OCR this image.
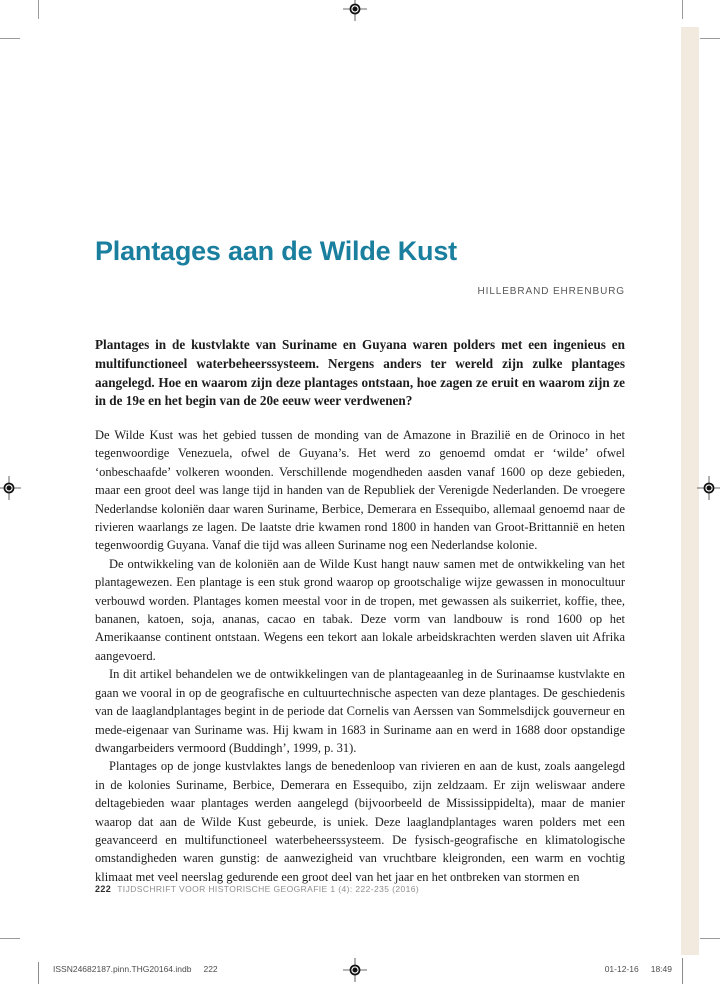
Plantages aan de Wilde Kust
HILLEBRAND EHRENBURG

Plantages in de kustvlakte van Suriname en Guyana waren polders met een ingenieus en multifunctioneel waterbeheerssysteem. Nergens anders ter wereld zijn zulke plantages aangelegd. Hoe en waarom zijn deze plantages ontstaan, hoe zagen ze eruit en waarom zijn ze in de 19e en het begin van de 20e eeuw weer verdwenen?

De Wilde Kust was het gebied tussen de monding van de Amazone in Brazilië en de Orinoco in het tegenwoordige Venezuela, ofwel de Guyana’s. Het werd zo genoemd omdat er ‘wilde’ ofwel ‘onbeschaafde’ volkeren woonden. Verschillende mogendheden aasden vanaf 1600 op deze gebieden, maar een groot deel was lange tijd in handen van de Republiek der Verenigde Nederlanden. De vroegere Nederlandse koloniën daar waren Suriname, Berbice, Demerara en Essequibo, allemaal genoemd naar de rivieren waarlangs ze lagen. De laatste drie kwamen rond 1800 in handen van Groot-Brittannië en heten tegenwoordig Guyana. Vanaf die tijd was alleen Suriname nog een Nederlandse kolonie.

De ontwikkeling van de koloniën aan de Wilde Kust hangt nauw samen met de ontwikkeling van het plantagewezen. Een plantage is een stuk grond waarop op grootschalige wijze gewassen in monocultuur verbouwd worden. Plantages komen meestal voor in de tropen, met gewassen als suikerriet, koffie, thee, bananen, katoen, soja, ananas, cacao en tabak. Deze vorm van landbouw is rond 1600 op het Amerikaanse continent ontstaan. Wegens een tekort aan lokale arbeidskrachten werden slaven uit Afrika aangevoerd.

In dit artikel behandelen we de ontwikkelingen van de plantageaanleg in de Surinaamse kustvlakte en gaan we vooral in op de geografische en cultuurtechnische aspecten van deze plantages. De geschiedenis van de laaglandplantages begint in de periode dat Cornelis van Aerssen van Sommelsdijck gouverneur en mede-eigenaar van Suriname was. Hij kwam in 1683 in Suriname aan en werd in 1688 door opstandige dwangarbeiders vermoord (Buddingh’, 1999, p. 31).

Plantages op de jonge kustvlaktes langs de benedenloop van rivieren en aan de kust, zoals aangelegd in de kolonies Suriname, Berbice, Demerara en Essequibo, zijn zeldzaam. Er zijn weliswaar andere deltagebieden waar plantages werden aangelegd (bijvoorbeeld de Mississippidelta), maar de manier waarop dat aan de Wilde Kust gebeurde, is uniek. Deze laaglandplantages waren polders met een geavanceerd en multifunctioneel waterbeheerssysteem. De fysisch-geografische en klimatologische omstandigheden waren gunstig: de aanwezigheid van vruchtbare kleigronden, een warm en vochtig klimaat met veel neerslag gedurende een groot deel van het jaar en het ontbreken van stormen en

222 TIJDSCHRIFT VOOR HISTORISCHE GEOGRAFIE 1 (4): 222-235 (2016)
ISSN24682187.pinn.THG20164.indb 222	01-12-16 18:49
